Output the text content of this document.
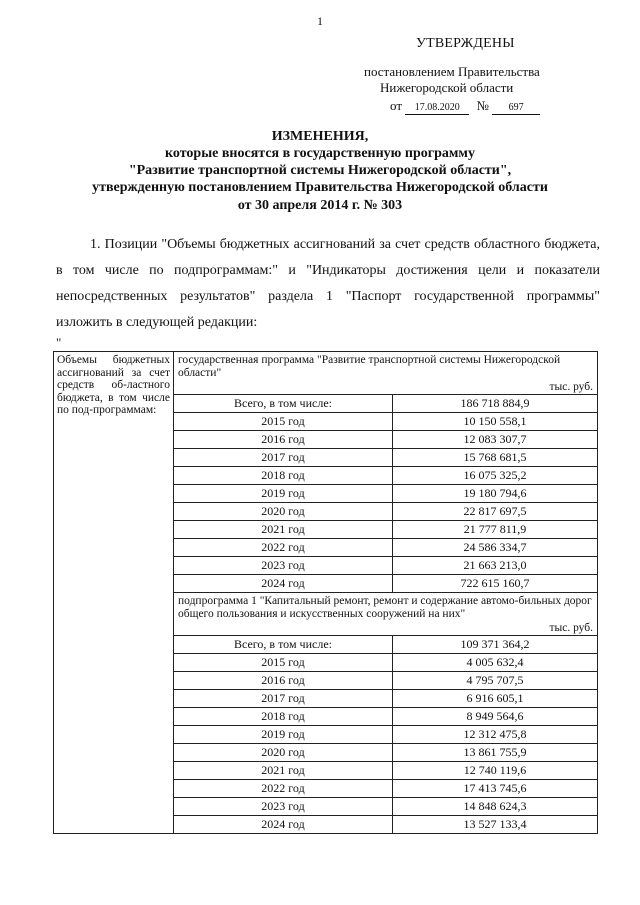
1
УТВЕРЖДЕНЫ
постановлением Правительства
Нижегородской области
от 17.08.2020 № 697
ИЗМЕНЕНИЯ,
которые вносятся в государственную программу
"Развитие транспортной системы Нижегородской области",
утвержденную постановлением Правительства Нижегородской области
от 30 апреля 2014 г. № 303
1. Позиции "Объемы бюджетных ассигнований за счет средств областного бюджета, в том числе по подпрограммам:" и "Индикаторы достижения цели и показатели непосредственных результатов" раздела 1 "Паспорт государственной программы" изложить в следующей редакции:
"
Объемы бюджетных ассигнований за счет средств об-ластного бюджета, в том числе по под-программам:	государственная программа "Развитие транспортной системы Нижегородской области"
тыс. руб.	

	Всего, в том числе:	186 718 884,9
	2015 год	10 150 558,1
	2016 год	12 083 307,7
	2017 год	15 768 681,5
	2018 год	16 075 325,2
	2019 год	19 180 794,6
	2020 год	22 817 697,5
	2021 год	21 777 811,9
	2022 год	24 586 334,7
	2023 год	21 663 213,0
	2024 год	722 615 160,7

	подпрограмма 1 "Капитальный ремонт, ремонт и содержание автомо-бильных дорог общего пользования и искусственных сооружений на них"
тыс. руб.	

	Всего, в том числе:	109 371 364,2
	2015 год	4 005 632,4
	2016 год	4 795 707,5
	2017 год	6 916 605,1
	2018 год	8 949 564,6
	2019 год	12 312 475,8
	2020 год	13 861 755,9
	2021 год	12 740 119,6
	2022 год	17 413 745,6
	2023 год	14 848 624,3
	2024 год	13 527 133,4
